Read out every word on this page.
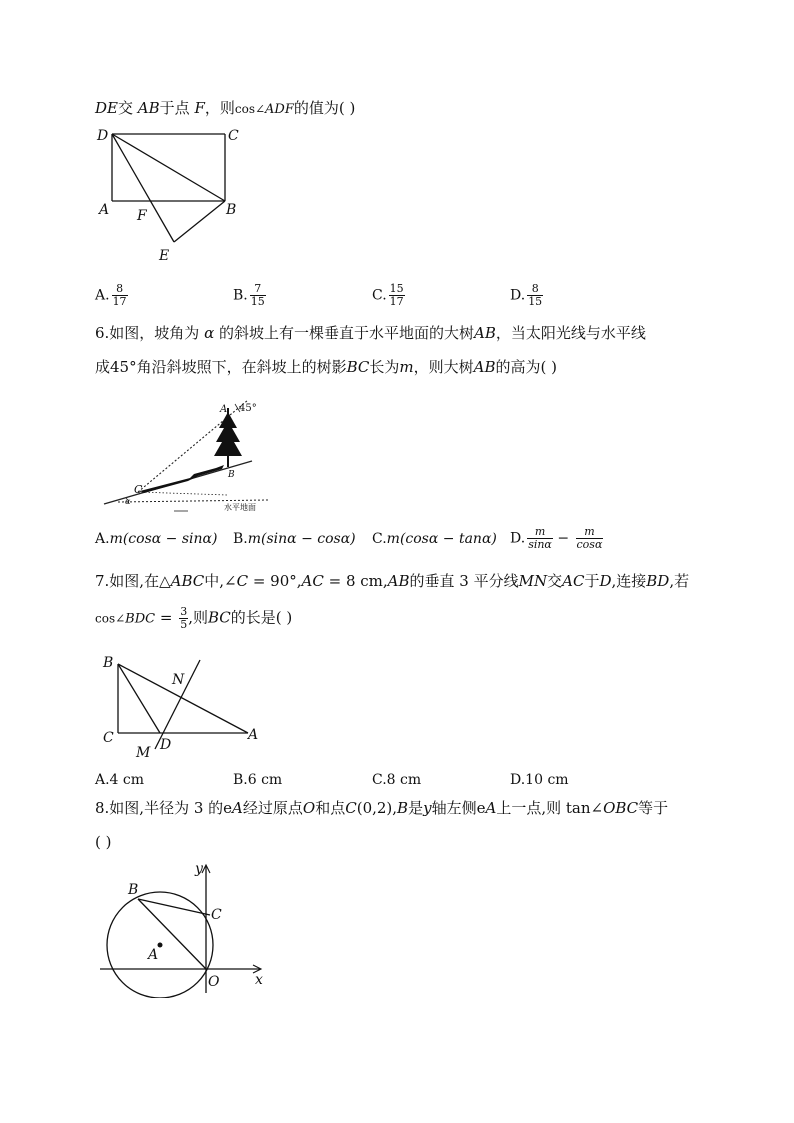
DE交 AB于点 F，则cos∠ADF的值为( )
D	C
A F	B
E
A. $\frac{8}{17}$	B. $\frac{7}{15}$	C. $\frac{15}{17}$	D. $\frac{8}{15}$
6.如图，坡角为 α 的斜坡上有一棵垂直于水平地面的大树AB，当太阳光线与水平线
成45°角沿斜坡照下，在斜坡上的树影BC长为m，则大树AB的高为( )
A 45°
B
C
α
水平地面
A.m(cosα − sinα) B.m(sinα − cosα) C.m(cosα − tanα) D. $\frac{m}{\sin\alpha} - \frac{m}{\cos\alpha}$
7.如图,在△ABC中,∠C = 90°,AC = 8 cm,AB的垂直 3 平分线MN交AC于D,连接BD,若
cos∠BDC = $\frac{3}{5}$ ,则BC的长是( )
B
N
C
M D
A
A.4 cm	B.6 cm	C.8 cm	D.10 cm
8.如图,半径为 3 的eA经过原点O和点C(0,2),B是y轴左侧eA上一点,则 tan∠OBC等于
( )
y
B
C
A
O	x
